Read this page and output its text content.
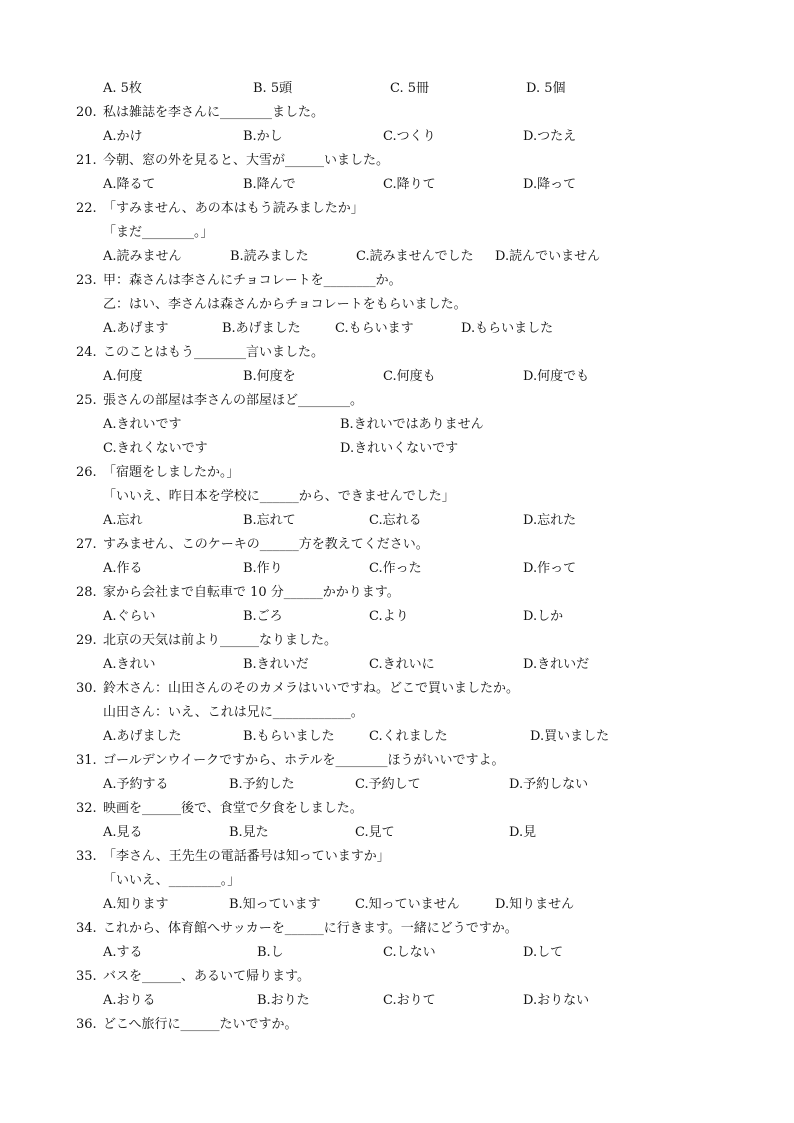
A. 5枚	B. 5頭	C. 5冊	D. 5個
20. 私は雑誌を李さんに________ました。
A.かけ	B.かし	C.つくり	D.つたえ
21. 今朝、窓の外を見ると、大雪が______いました。
A.降るて	B.降んで	C.降りて	D.降って
22. 「すみません、あの本はもう読みましたか」
「まだ________。」
A.読みません	B.読みました	C.読みませんでした D.読んでいません
23. 甲：森さんは李さんにチョコレートを________か。
乙：はい、李さんは森さんからチョコレートをもらいました。
A.あげます	B.あげました	C.もらいます	D.もらいました
24. このことはもう________言いました。
A.何度	B.何度を	C.何度も	D.何度でも
25. 張さんの部屋は李さんの部屋ほど________。
A.きれいです	B.きれいではありません
C.きれくないです	D.きれいくないです
26. 「宿題をしましたか。」
「いいえ、昨日本を学校に______から、できませんでした」
A.忘れ	B.忘れて	C.忘れる	D.忘れた
27. すみません、このケーキの______方を教えてください。
A.作る	B.作り	C.作った	D.作って
28. 家から会社まで自転車で 10 分______かかります。
A.ぐらい	B.ごろ	C.より	D.しか
29. 北京の天気は前より______なりました。
A.きれい	B.きれいだ	C.きれいに	D.きれいだ
30. 鈴木さん：山田さんのそのカメラはいいですね。どこで買いましたか。
山田さん：いえ、これは兄に____________。
A.あげました	B.もらいました	C.くれました	D.買いました
31. ゴールデンウイークですから、ホテルを________ほうがいいですよ。
A.予約する	B.予約した	C.予約して	D.予約しない
32. 映画を______後で、食堂で夕食をしました。
A.見る	B.見た	C.見て	D.見
33. 「李さん、王先生の電話番号は知っていますか」
「いいえ、________。」
A.知ります	B.知っています	C.知っていません	D.知りません
34. これから、体育館へサッカーを______に行きます。一緒にどうですか。
A.する	B.し	C.しない	D.して
35. バスを______、あるいて帰ります。
A.おりる	B.おりた	C.おりて	D.おりない
36. どこへ旅行に______たいですか。
